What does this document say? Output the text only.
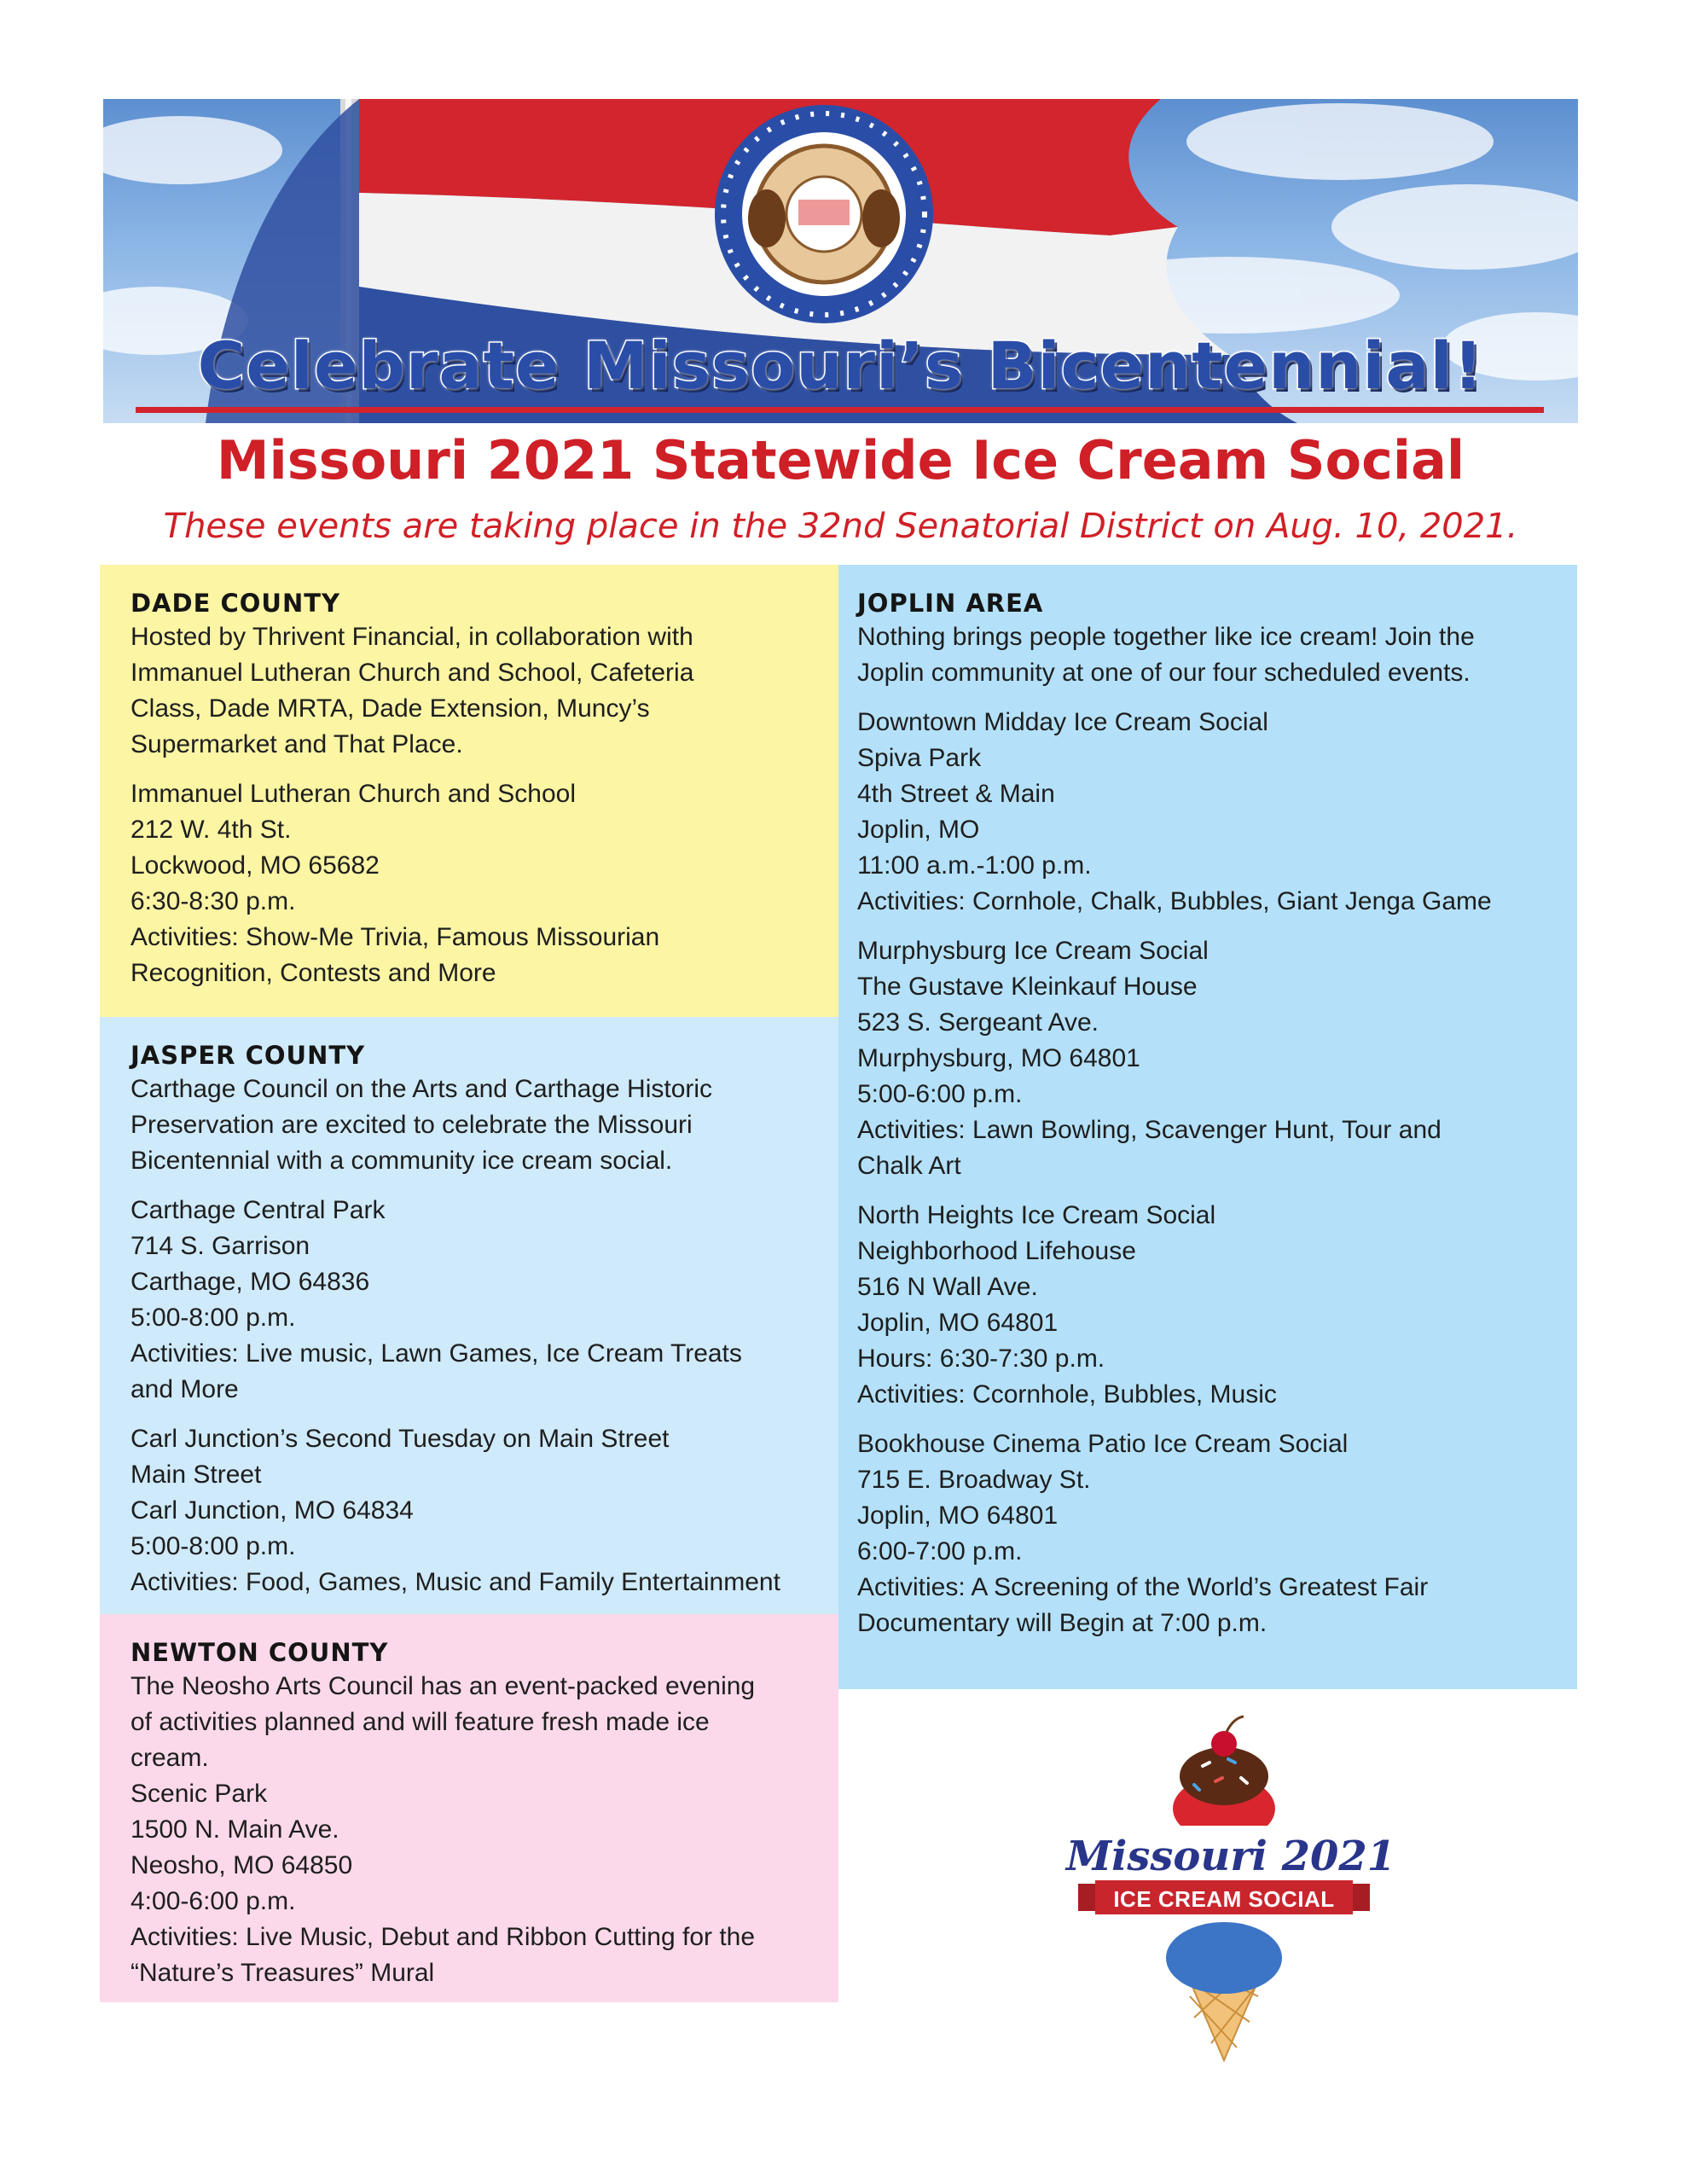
Celebrate Missouri’s Bicentennial!
Missouri 2021 Statewide Ice Cream Social
These events are taking place in the 32nd Senatorial District on Aug. 10, 2021.
DADE COUNTY
Hosted by Thrivent Financial, in collaboration with
Immanuel Lutheran Church and School, Cafeteria
Class, Dade MRTA, Dade Extension, Muncy’s
Supermarket and That Place.
Immanuel Lutheran Church and School
212 W. 4th St.
Lockwood, MO 65682
6:30-8:30 p.m.
Activities: Show-Me Trivia, Famous Missourian
Recognition, Contests and More
JASPER COUNTY
Carthage Council on the Arts and Carthage Historic
Preservation are excited to celebrate the Missouri
Bicentennial with a community ice cream social.
Carthage Central Park
714 S. Garrison
Carthage, MO 64836
5:00-8:00 p.m.
Activities: Live music, Lawn Games, Ice Cream Treats
and More
Carl Junction’s Second Tuesday on Main Street
Main Street
Carl Junction, MO 64834
5:00-8:00 p.m.
Activities: Food, Games, Music and Family Entertainment
NEWTON COUNTY
The Neosho Arts Council has an event-packed evening
of activities planned and will feature fresh made ice
cream.
Scenic Park
1500 N. Main Ave.
Neosho, MO 64850
4:00-6:00 p.m.
Activities: Live Music, Debut and Ribbon Cutting for the
“Nature’s Treasures” Mural
JOPLIN AREA
Nothing brings people together like ice cream! Join the
Joplin community at one of our four scheduled events.
Downtown Midday Ice Cream Social
Spiva Park
4th Street & Main
Joplin, MO
11:00 a.m.-1:00 p.m.
Activities: Cornhole, Chalk, Bubbles, Giant Jenga Game
Murphysburg Ice Cream Social
The Gustave Kleinkauf House
523 S. Sergeant Ave.
Murphysburg, MO 64801
5:00-6:00 p.m.
Activities: Lawn Bowling, Scavenger Hunt, Tour and
Chalk Art
North Heights Ice Cream Social
Neighborhood Lifehouse
516 N Wall Ave.
Joplin, MO 64801
Hours: 6:30-7:30 p.m.
Activities: Ccornhole, Bubbles, Music
Bookhouse Cinema Patio Ice Cream Social
715 E. Broadway St.
Joplin, MO 64801
6:00-7:00 p.m.
Activities: A Screening of the World’s Greatest Fair
Documentary will Begin at 7:00 p.m.
Missouri 2021
ICE CREAM SOCIAL
